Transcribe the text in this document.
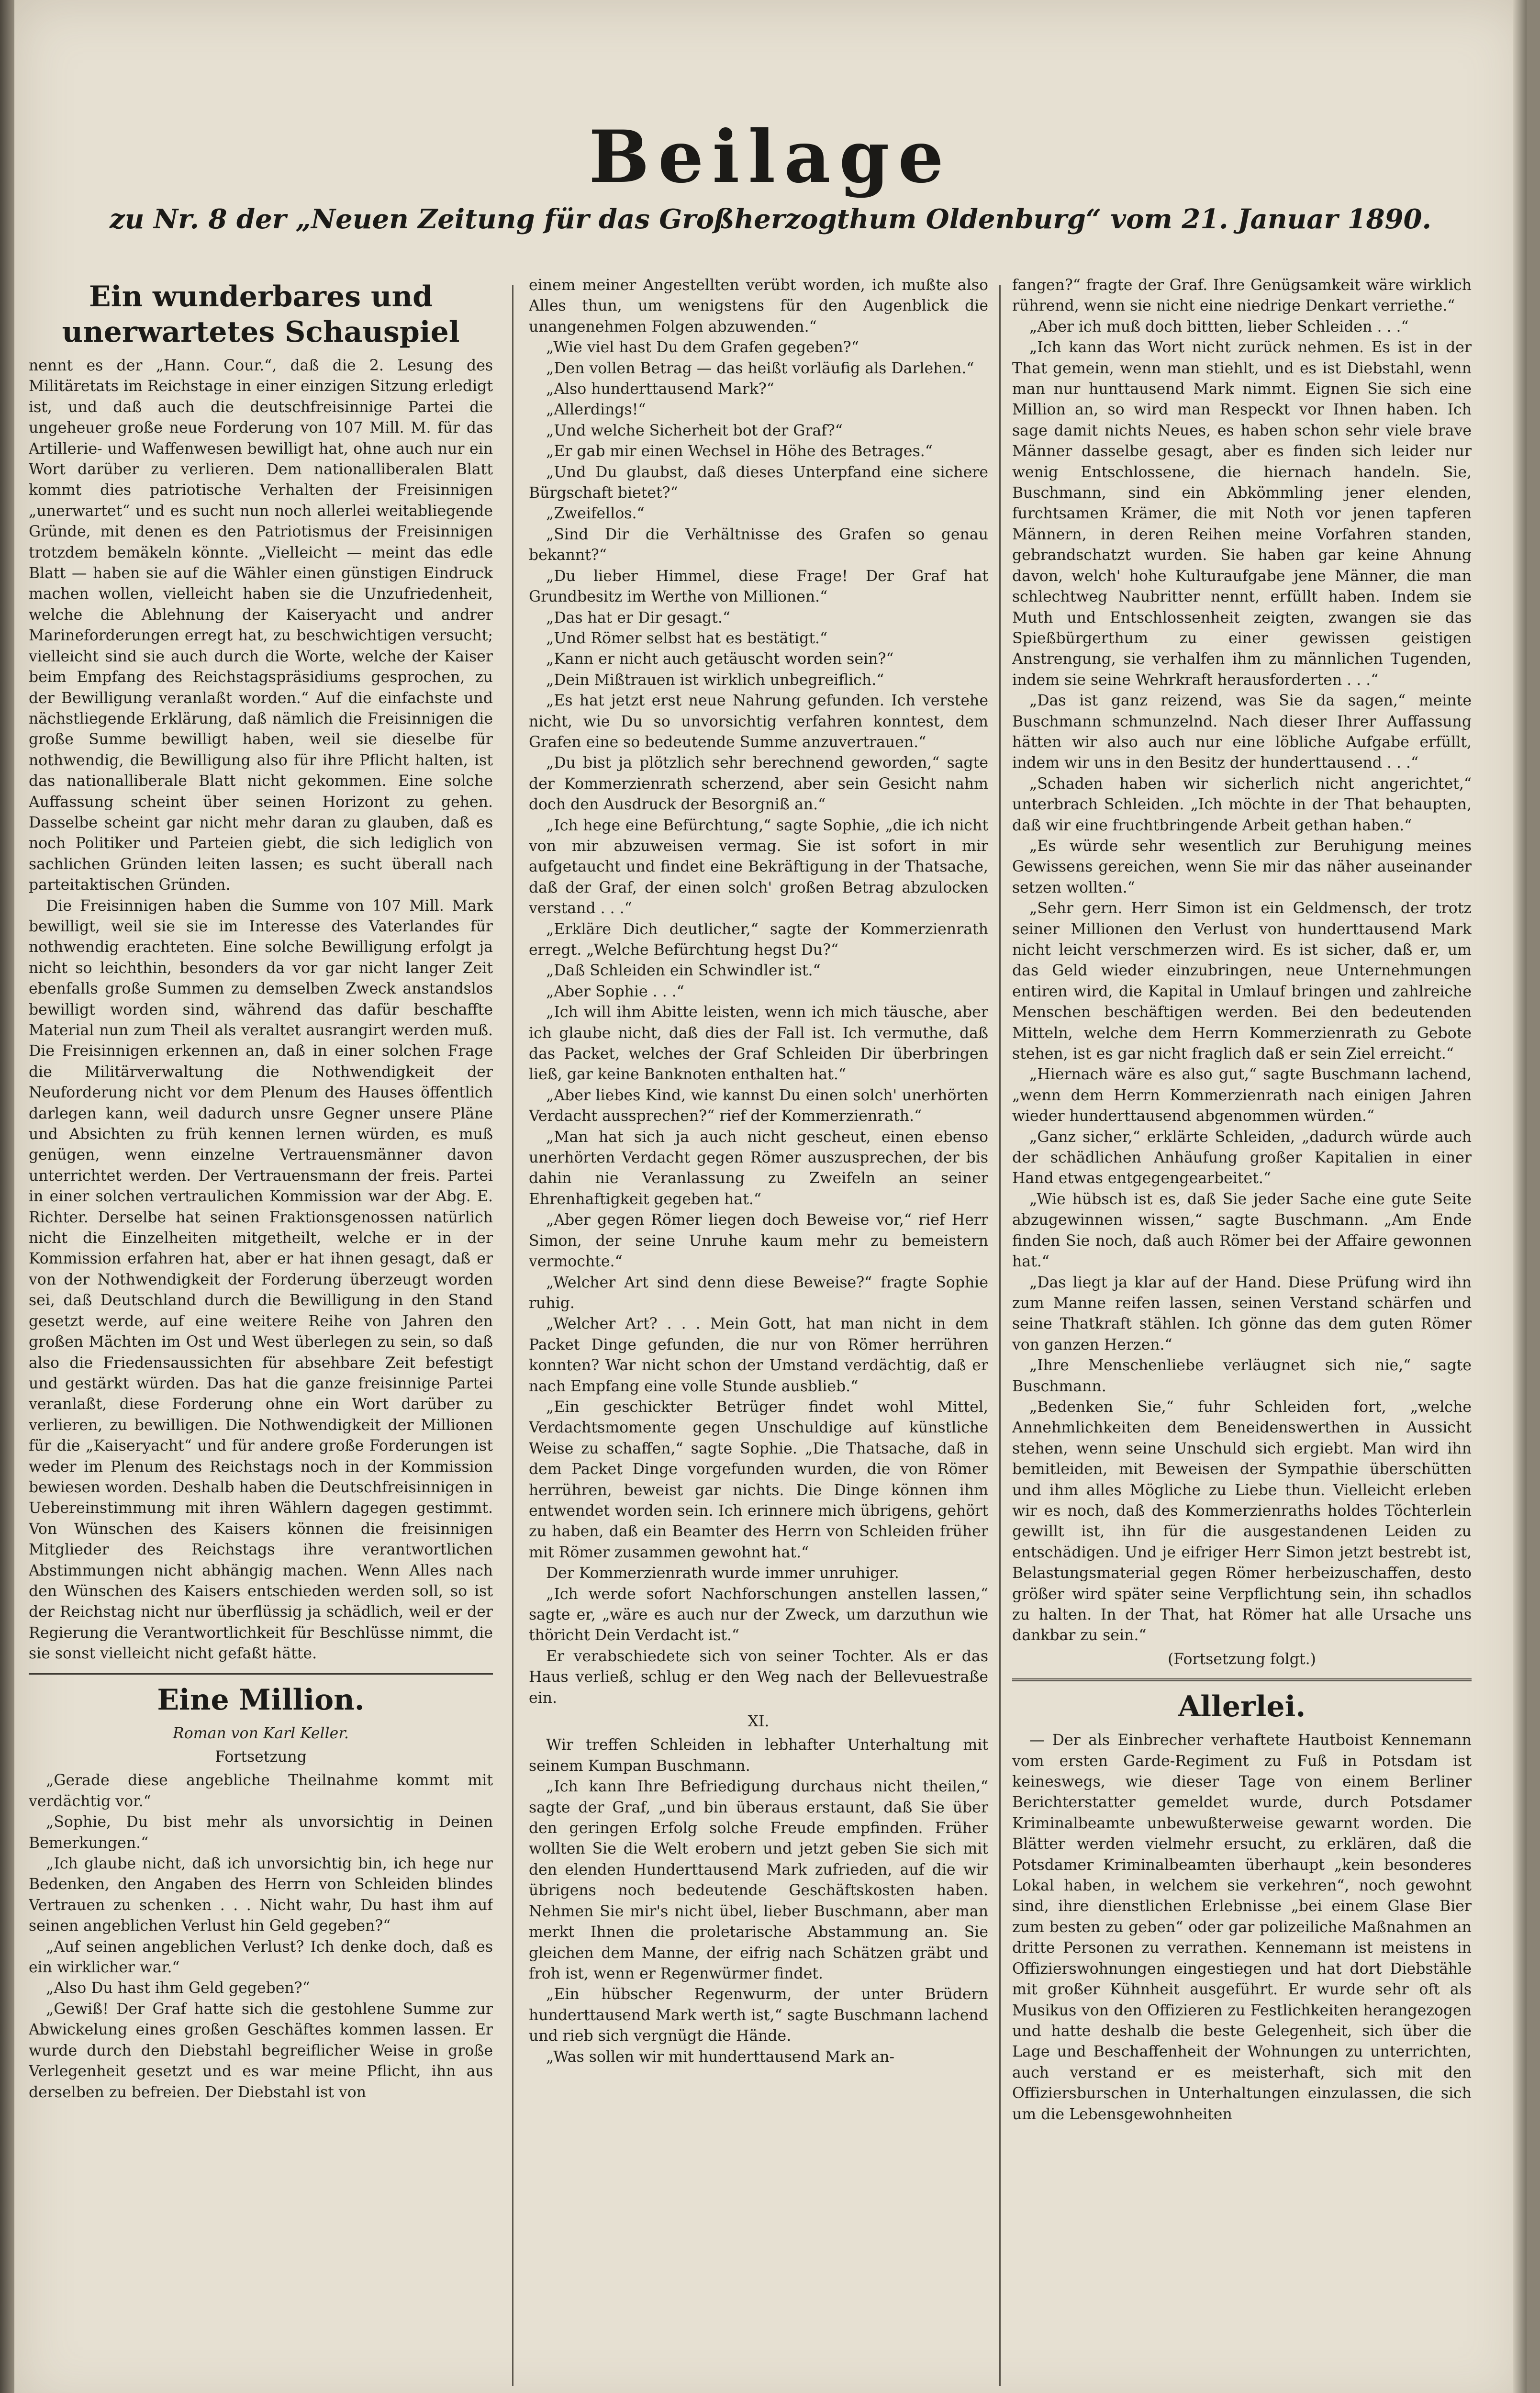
Beilage
zu Nr. 8 der „Neuen Zeitung für das Großherzogthum Oldenburg“ vom 21. Januar 1890.
Ein wunderbares und unerwartetes Schauspiel

nennt es der „Hann. Cour.“, daß die 2. Lesung des Militäretats im Reichstage in einer einzigen Sitzung erledigt ist, und daß auch die deutschfreisinnige Partei die ungeheuer große neue Forderung von 107 Mill. M. für das Artillerie- und Waffenwesen bewilligt hat, ohne auch nur ein Wort darüber zu verlieren. Dem nationalliberalen Blatt kommt dies patriotische Verhalten der Freisinnigen „unerwartet“ und es sucht nun noch allerlei weitabliegende Gründe, mit denen es den Patriotismus der Freisinnigen trotzdem bemäkeln könnte. „Vielleicht — meint das edle Blatt — haben sie auf die Wähler einen günstigen Eindruck machen wollen, vielleicht haben sie die Unzufriedenheit, welche die Ablehnung der Kaiseryacht und andrer Marineforderungen erregt hat, zu beschwichtigen versucht; vielleicht sind sie auch durch die Worte, welche der Kaiser beim Empfang des Reichstagspräsidiums gesprochen, zu der Bewilligung veranlaßt worden.“ Auf die einfachste und nächstliegende Erklärung, daß nämlich die Freisinnigen die große Summe bewilligt haben, weil sie dieselbe für nothwendig, die Bewilligung also für ihre Pflicht halten, ist das nationalliberale Blatt nicht gekommen. Eine solche Auffassung scheint über seinen Horizont zu gehen. Dasselbe scheint gar nicht mehr daran zu glauben, daß es noch Politiker und Parteien giebt, die sich lediglich von sachlichen Gründen leiten lassen; es sucht überall nach parteitaktischen Gründen.

Die Freisinnigen haben die Summe von 107 Mill. Mark bewilligt, weil sie sie im Interesse des Vaterlandes für nothwendig erachteten. Eine solche Bewilligung erfolgt ja nicht so leichthin, besonders da vor gar nicht langer Zeit ebenfalls große Summen zu demselben Zweck anstandslos bewilligt worden sind, während das dafür beschaffte Material nun zum Theil als veraltet ausrangirt werden muß. Die Freisinnigen erkennen an, daß in einer solchen Frage die Militärverwaltung die Nothwendigkeit der Neuforderung nicht vor dem Plenum des Hauses öffentlich darlegen kann, weil dadurch unsre Gegner unsere Pläne und Absichten zu früh kennen lernen würden, es muß genügen, wenn einzelne Vertrauensmänner davon unterrichtet werden. Der Vertrauensmann der freis. Partei in einer solchen vertraulichen Kommission war der Abg. E. Richter. Derselbe hat seinen Fraktionsgenossen natürlich nicht die Einzelheiten mitgetheilt, welche er in der Kommission erfahren hat, aber er hat ihnen gesagt, daß er von der Nothwendigkeit der Forderung überzeugt worden sei, daß Deutschland durch die Bewilligung in den Stand gesetzt werde, auf eine weitere Reihe von Jahren den großen Mächten im Ost und West überlegen zu sein, so daß also die Friedensaussichten für absehbare Zeit befestigt und gestärkt würden. Das hat die ganze freisinnige Partei veranlaßt, diese Forderung ohne ein Wort darüber zu verlieren, zu bewilligen. Die Nothwendigkeit der Millionen für die „Kaiseryacht“ und für andere große Forderungen ist weder im Plenum des Reichstags noch in der Kommission bewiesen worden. Deshalb haben die Deutschfreisinnigen in Uebereinstimmung mit ihren Wählern dagegen gestimmt. Von Wünschen des Kaisers können die freisinnigen Mitglieder des Reichstags ihre verantwortlichen Abstimmungen nicht abhängig machen. Wenn Alles nach den Wünschen des Kaisers entschieden werden soll, so ist der Reichstag nicht nur überflüssig ja schädlich, weil er der Regierung die Verantwortlichkeit für Beschlüsse nimmt, die sie sonst vielleicht nicht gefaßt hätte.

Eine Million.
Roman von Karl Keller.
Fortsetzung

„Gerade diese angebliche Theilnahme kommt mit verdächtig vor.“

„Sophie, Du bist mehr als unvorsichtig in Deinen Bemerkungen.“

„Ich glaube nicht, daß ich unvorsichtig bin, ich hege nur Bedenken, den Angaben des Herrn von Schleiden blindes Vertrauen zu schenken . . . Nicht wahr, Du hast ihm auf seinen angeblichen Verlust hin Geld gegeben?“

„Auf seinen angeblichen Verlust? Ich denke doch, daß es ein wirklicher war.“

„Also Du hast ihm Geld gegeben?“

„Gewiß! Der Graf hatte sich die gestohlene Summe zur Abwickelung eines großen Geschäftes kommen lassen. Er wurde durch den Diebstahl begreiflicher Weise in große Verlegenheit gesetzt und es war meine Pflicht, ihn aus derselben zu befreien. Der Diebstahl ist von

einem meiner Angestellten verübt worden, ich mußte also Alles thun, um wenigstens für den Augenblick die unangenehmen Folgen abzuwenden.“

„Wie viel hast Du dem Grafen gegeben?“

„Den vollen Betrag — das heißt vorläufig als Darlehen.“

„Also hunderttausend Mark?“

„Allerdings!“

„Und welche Sicherheit bot der Graf?“

„Er gab mir einen Wechsel in Höhe des Betrages.“

„Und Du glaubst, daß dieses Unterpfand eine sichere Bürgschaft bietet?“

„Zweifellos.“

„Sind Dir die Verhältnisse des Grafen so genau bekannt?“

„Du lieber Himmel, diese Frage! Der Graf hat Grundbesitz im Werthe von Millionen.“

„Das hat er Dir gesagt.“

„Und Römer selbst hat es bestätigt.“

„Kann er nicht auch getäuscht worden sein?“

„Dein Mißtrauen ist wirklich unbegreiflich.“

„Es hat jetzt erst neue Nahrung gefunden. Ich verstehe nicht, wie Du so unvorsichtig verfahren konntest, dem Grafen eine so bedeutende Summe anzuvertrauen.“

„Du bist ja plötzlich sehr berechnend geworden,“ sagte der Kommerzienrath scherzend, aber sein Gesicht nahm doch den Ausdruck der Besorgniß an.“

„Ich hege eine Befürchtung,“ sagte Sophie, „die ich nicht von mir abzuweisen vermag. Sie ist sofort in mir aufgetaucht und findet eine Bekräftigung in der Thatsache, daß der Graf, der einen solch' großen Betrag abzulocken verstand . . .“

„Erkläre Dich deutlicher,“ sagte der Kommerzienrath erregt. „Welche Befürchtung hegst Du?“

„Daß Schleiden ein Schwindler ist.“

„Aber Sophie . . .“

„Ich will ihm Abitte leisten, wenn ich mich täusche, aber ich glaube nicht, daß dies der Fall ist. Ich vermuthe, daß das Packet, welches der Graf Schleiden Dir überbringen ließ, gar keine Banknoten enthalten hat.“

„Aber liebes Kind, wie kannst Du einen solch' unerhörten Verdacht aussprechen?“ rief der Kommerzienrath.“

„Man hat sich ja auch nicht gescheut, einen ebenso unerhörten Verdacht gegen Römer auszusprechen, der bis dahin nie Veranlassung zu Zweifeln an seiner Ehrenhaftigkeit gegeben hat.“

„Aber gegen Römer liegen doch Beweise vor,“ rief Herr Simon, der seine Unruhe kaum mehr zu bemeistern vermochte.“

„Welcher Art sind denn diese Beweise?“ fragte Sophie ruhig.

„Welcher Art? . . . Mein Gott, hat man nicht in dem Packet Dinge gefunden, die nur von Römer herrühren konnten? War nicht schon der Umstand verdächtig, daß er nach Empfang eine volle Stunde ausblieb.“

„Ein geschickter Betrüger findet wohl Mittel, Verdachtsmomente gegen Unschuldige auf künstliche Weise zu schaffen,“ sagte Sophie. „Die Thatsache, daß in dem Packet Dinge vorgefunden wurden, die von Römer herrühren, beweist gar nichts. Die Dinge können ihm entwendet worden sein. Ich erinnere mich übrigens, gehört zu haben, daß ein Beamter des Herrn von Schleiden früher mit Römer zusammen gewohnt hat.“

Der Kommerzienrath wurde immer unruhiger.

„Ich werde sofort Nachforschungen anstellen lassen,“ sagte er, „wäre es auch nur der Zweck, um darzuthun wie thöricht Dein Verdacht ist.“

Er verabschiedete sich von seiner Tochter. Als er das Haus verließ, schlug er den Weg nach der Bellevuestraße ein.

XI.

Wir treffen Schleiden in lebhafter Unterhaltung mit seinem Kumpan Buschmann.

„Ich kann Ihre Befriedigung durchaus nicht theilen,“ sagte der Graf, „und bin überaus erstaunt, daß Sie über den geringen Erfolg solche Freude empfinden. Früher wollten Sie die Welt erobern und jetzt geben Sie sich mit den elenden Hunderttausend Mark zufrieden, auf die wir übrigens noch bedeutende Geschäftskosten haben. Nehmen Sie mir's nicht übel, lieber Buschmann, aber man merkt Ihnen die proletarische Abstammung an. Sie gleichen dem Manne, der eifrig nach Schätzen gräbt und froh ist, wenn er Regenwürmer findet.

„Ein hübscher Regenwurm, der unter Brüdern hunderttausend Mark werth ist,“ sagte Buschmann lachend und rieb sich vergnügt die Hände.

„Was sollen wir mit hunderttausend Mark an-

fangen?“ fragte der Graf. Ihre Genügsamkeit wäre wirklich rührend, wenn sie nicht eine niedrige Denkart verriethe.“

„Aber ich muß doch bittten, lieber Schleiden . . .“

„Ich kann das Wort nicht zurück nehmen. Es ist in der That gemein, wenn man stiehlt, und es ist Diebstahl, wenn man nur hunttausend Mark nimmt. Eignen Sie sich eine Million an, so wird man Respeckt vor Ihnen haben. Ich sage damit nichts Neues, es haben schon sehr viele brave Männer dasselbe gesagt, aber es finden sich leider nur wenig Entschlossene, die hiernach handeln. Sie, Buschmann, sind ein Abkömmling jener elenden, furchtsamen Krämer, die mit Noth vor jenen tapferen Männern, in deren Reihen meine Vorfahren standen, gebrandschatzt wurden. Sie haben gar keine Ahnung davon, welch' hohe Kulturaufgabe jene Männer, die man schlechtweg Naubritter nennt, erfüllt haben. Indem sie Muth und Entschlossenheit zeigten, zwangen sie das Spießbürgerthum zu einer gewissen geistigen Anstrengung, sie verhalfen ihm zu männlichen Tugenden, indem sie seine Wehrkraft herausforderten . . .“

„Das ist ganz reizend, was Sie da sagen,“ meinte Buschmann schmunzelnd. Nach dieser Ihrer Auffassung hätten wir also auch nur eine löbliche Aufgabe erfüllt, indem wir uns in den Besitz der hunderttausend . . .“

„Schaden haben wir sicherlich nicht angerichtet,“ unterbrach Schleiden. „Ich möchte in der That behaupten, daß wir eine fruchtbringende Arbeit gethan haben.“

„Es würde sehr wesentlich zur Beruhigung meines Gewissens gereichen, wenn Sie mir das näher auseinander setzen wollten.“

„Sehr gern. Herr Simon ist ein Geldmensch, der trotz seiner Millionen den Verlust von hunderttausend Mark nicht leicht verschmerzen wird. Es ist sicher, daß er, um das Geld wieder einzubringen, neue Unternehmungen entiren wird, die Kapital in Umlauf bringen und zahlreiche Menschen beschäftigen werden. Bei den bedeutenden Mitteln, welche dem Herrn Kommerzienrath zu Gebote stehen, ist es gar nicht fraglich daß er sein Ziel erreicht.“

„Hiernach wäre es also gut,“ sagte Buschmann lachend, „wenn dem Herrn Kommerzienrath nach einigen Jahren wieder hunderttausend abgenommen würden.“

„Ganz sicher,“ erklärte Schleiden, „dadurch würde auch der schädlichen Anhäufung großer Kapitalien in einer Hand etwas entgegengearbeitet.“

„Wie hübsch ist es, daß Sie jeder Sache eine gute Seite abzugewinnen wissen,“ sagte Buschmann. „Am Ende finden Sie noch, daß auch Römer bei der Affaire gewonnen hat.“

„Das liegt ja klar auf der Hand. Diese Prüfung wird ihn zum Manne reifen lassen, seinen Verstand schärfen und seine Thatkraft stählen. Ich gönne das dem guten Römer von ganzen Herzen.“

„Ihre Menschenliebe verläugnet sich nie,“ sagte Buschmann.

„Bedenken Sie,“ fuhr Schleiden fort, „welche Annehmlichkeiten dem Beneidenswerthen in Aussicht stehen, wenn seine Unschuld sich ergiebt. Man wird ihn bemitleiden, mit Beweisen der Sympathie überschütten und ihm alles Mögliche zu Liebe thun. Vielleicht erleben wir es noch, daß des Kommerzienraths holdes Töchterlein gewillt ist, ihn für die ausgestandenen Leiden zu entschädigen. Und je eifriger Herr Simon jetzt bestrebt ist, Belastungsmaterial gegen Römer herbeizuschaffen, desto größer wird später seine Verpflichtung sein, ihn schadlos zu halten. In der That, hat Römer hat alle Ursache uns dankbar zu sein.“

(Fortsetzung folgt.)
Allerlei.

— Der als Einbrecher verhaftete Hautboist Kennemann vom ersten Garde-Regiment zu Fuß in Potsdam ist keineswegs, wie dieser Tage von einem Berliner Berichterstatter gemeldet wurde, durch Potsdamer Kriminalbeamte unbewußterweise gewarnt worden. Die Blätter werden vielmehr ersucht, zu erklären, daß die Potsdamer Kriminalbeamten überhaupt „kein besonderes Lokal haben, in welchem sie verkehren“, noch gewohnt sind, ihre dienstlichen Erlebnisse „bei einem Glase Bier zum besten zu geben“ oder gar polizeiliche Maßnahmen an dritte Personen zu verrathen. Kennemann ist meistens in Offizierswohnungen eingestiegen und hat dort Diebstähle mit großer Kühnheit ausgeführt. Er wurde sehr oft als Musikus von den Offizieren zu Festlichkeiten herangezogen und hatte deshalb die beste Gelegenheit, sich über die Lage und Beschaffenheit der Wohnungen zu unterrichten, auch verstand er es meisterhaft, sich mit den Offiziersburschen in Unterhaltungen einzulassen, die sich um die Lebensgewohnheiten
